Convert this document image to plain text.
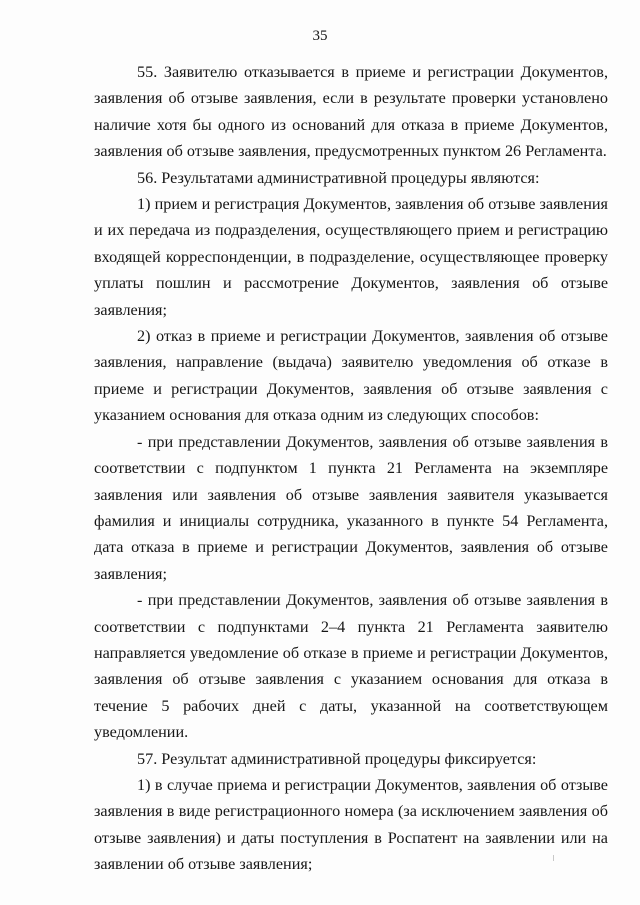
35

55. Заявителю отказывается в приеме и регистрации Документов, заявления об отзыве заявления, если в результате проверки установлено наличие хотя бы одного из оснований для отказа в приеме Документов, заявления об отзыве заявления, предусмотренных пунктом 26 Регламента.

56. Результатами административной процедуры являются:

1) прием и регистрация Документов, заявления об отзыве заявления и их передача из подразделения, осуществляющего прием и регистрацию входящей корреспонденции, в подразделение, осуществляющее проверку уплаты пошлин и рассмотрение Документов, заявления об отзыве заявления;

2) отказ в приеме и регистрации Документов, заявления об отзыве заявления, направление (выдача) заявителю уведомления об отказе в приеме и регистрации Документов, заявления об отзыве заявления с указанием основания для отказа одним из следующих способов:

- при представлении Документов, заявления об отзыве заявления в соответствии с подпунктом 1 пункта 21 Регламента на экземпляре заявления или заявления об отзыве заявления заявителя указывается фамилия и инициалы сотрудника, указанного в пункте 54 Регламента, дата отказа в приеме и регистрации Документов, заявления об отзыве заявления;

- при представлении Документов, заявления об отзыве заявления в соответствии с подпунктами 2–4 пункта 21 Регламента заявителю направляется уведомление об отказе в приеме и регистрации Документов, заявления об отзыве заявления с указанием основания для отказа в течение 5 рабочих дней с даты, указанной на соответствующем уведомлении.

57. Результат административной процедуры фиксируется:

1) в случае приема и регистрации Документов, заявления об отзыве заявления в виде регистрационного номера (за исключением заявления об отзыве заявления) и даты поступления в Роспатент на заявлении или на заявлении об отзыве заявления;
